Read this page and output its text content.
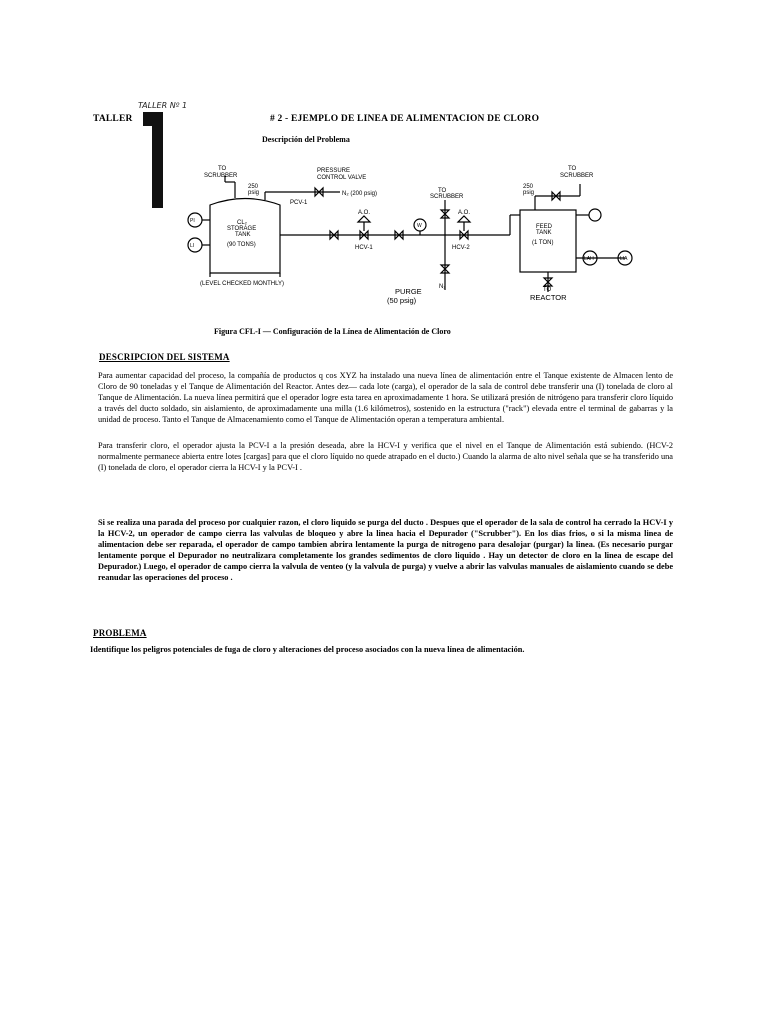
TALLER Nº 1
TALLER	# 2 - EJEMPLO DE LINEA DE ALIMENTACION DE CLORO
Descripción del Problema
TO
SCRUBBER
250
psig
PRESSURE
CONTROL VALVE
N₂ (200 psig)
PCV-1
CL₂
STORAGE
TANK
(90 TONS)
(LEVEL CHECKED MONTHLY)
A.O.
HCV-1
TO
SCRUBBER
A.O.
HCV-2
250
psig
TO
SCRUBBER
FEED
TANK
(1 TON)
TO
REACTOR
N₂
PURGE
(50 psig)
PI
LI
W
LAH	LIA
Figura CFL-I — Configuración de la Línea de Alimentación de Cloro
DESCRIPCION DEL SISTEMA
Para aumentar capacidad del proceso, la compañía de productos q cos XYZ ha instalado una nueva línea de alimentación entre el Tanque existente de Almacen lento de Cloro de 90 toneladas y el Tanque de Alimentación del Reactor. Antes dez— cada lote (carga), el operador de la sala de control debe transferir una (I) tonelada de cloro al Tanque de Alimentación. La nueva línea permitirá que el operador logre esta tarea en aproximadamente 1 hora. Se utilizará presión de nitrógeno para transferir cloro líquido a través del ducto soldado, sin aislamiento, de aproximadamente una milla (1.6 kilómetros), sostenido en la estructura ("rack") elevada entre el terminal de gabarras y la unidad de proceso. Tanto el Tanque de Almacenamiento como el Tanque de Alimentación operan a temperatura ambiental.
Para transferir cloro, el operador ajusta la PCV-I a la presión deseada, abre la HCV-I y verifica que el nivel en el Tanque de Alimentación está subiendo. (HCV-2 normalmente permanece abierta entre lotes [cargas] para que el cloro líquido no quede atrapado en el ducto.) Cuando la alarma de alto nivel señala que se ha transferido una (I) tonelada de cloro, el operador cierra la HCV-I y la PCV-I .
Si se realiza una parada del proceso por cualquier razon, el cloro liquido se purga del ducto . Despues que el operador de la sala de control ha cerrado la HCV-I y la HCV-2, un operador de campo cierra las valvulas de bloqueo y abre la linea hacia el Depurador ("Scrubber"). En los dias frios, o si la misma linea de alimentacion debe ser reparada, el operador de campo tambien abrira lentamente la purga de nitrogeno para desalojar (purgar) la linea. (Es necesario purgar lentamente porque el Depurador no neutralizara completamente los grandes sedimentos de cloro liquido . Hay un detector de cloro en la linea de escape del Depurador.) Luego, el operador de campo cierra la valvula de venteo (y la valvula de purga) y vuelve a abrir las valvulas manuales de aislamiento cuando se debe reanudar las operaciones del proceso .
PROBLEMA
Identifique los peligros potenciales de fuga de cloro y alteraciones del proceso asociados con la nueva línea de alimentación.
